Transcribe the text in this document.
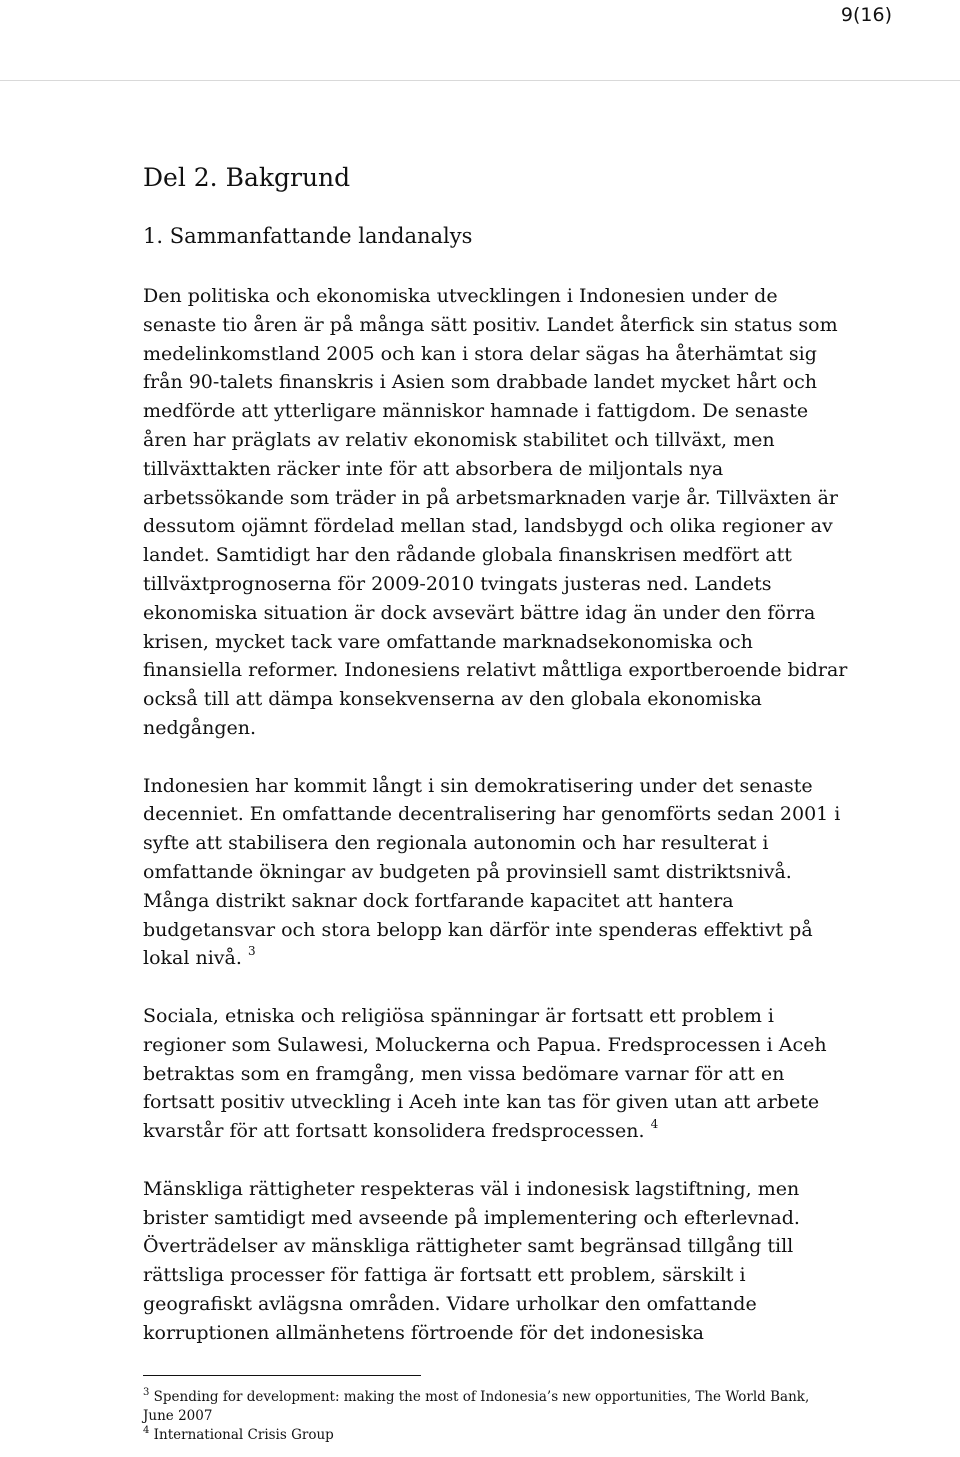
9(16)
Del 2. Bakgrund
1. Sammanfattande landanalys

Den politiska och ekonomiska utvecklingen i Indonesien under de
senaste tio åren är på många sätt positiv. Landet återfick sin status som
medelinkomstland 2005 och kan i stora delar sägas ha återhämtat sig
från 90-talets finanskris i Asien som drabbade landet mycket hårt och
medförde att ytterligare människor hamnade i fattigdom. De senaste
åren har präglats av relativ ekonomisk stabilitet och tillväxt, men
tillväxttakten räcker inte för att absorbera de miljontals nya
arbetssökande som träder in på arbetsmarknaden varje år. Tillväxten är
dessutom ojämnt fördelad mellan stad, landsbygd och olika regioner av
landet. Samtidigt har den rådande globala finanskrisen medfört att
tillväxtprognoserna för 2009-2010 tvingats justeras ned. Landets
ekonomiska situation är dock avsevärt bättre idag än under den förra
krisen, mycket tack vare omfattande marknadsekonomiska och
finansiella reformer. Indonesiens relativt måttliga exportberoende bidrar
också till att dämpa konsekvenserna av den globala ekonomiska
nedgången.

Indonesien har kommit långt i sin demokratisering under det senaste
decenniet. En omfattande decentralisering har genomförts sedan 2001 i
syfte att stabilisera den regionala autonomin och har resulterat i
omfattande ökningar av budgeten på provinsiell samt distriktsnivå.
Många distrikt saknar dock fortfarande kapacitet att hantera
budgetansvar och stora belopp kan därför inte spenderas effektivt på
lokal nivå. $^3$

Sociala, etniska och religiösa spänningar är fortsatt ett problem i
regioner som Sulawesi, Moluckerna och Papua. Fredsprocessen i Aceh
betraktas som en framgång, men vissa bedömare varnar för att en
fortsatt positiv utveckling i Aceh inte kan tas för given utan att arbete
kvarstår för att fortsatt konsolidera fredsprocessen. $^4$

Mänskliga rättigheter respekteras väl i indonesisk lagstiftning, men
brister samtidigt med avseende på implementering och efterlevnad.
Överträdelser av mänskliga rättigheter samt begränsad tillgång till
rättsliga processer för fattiga är fortsatt ett problem, särskilt i
geografiskt avlägsna områden. Vidare urholkar den omfattande
korruptionen allmänhetens förtroende för det indonesiska

$^3$ Spending for development: making the most of Indonesia’s new opportunities, The World Bank, June 2007

$^4$ International Crisis Group
